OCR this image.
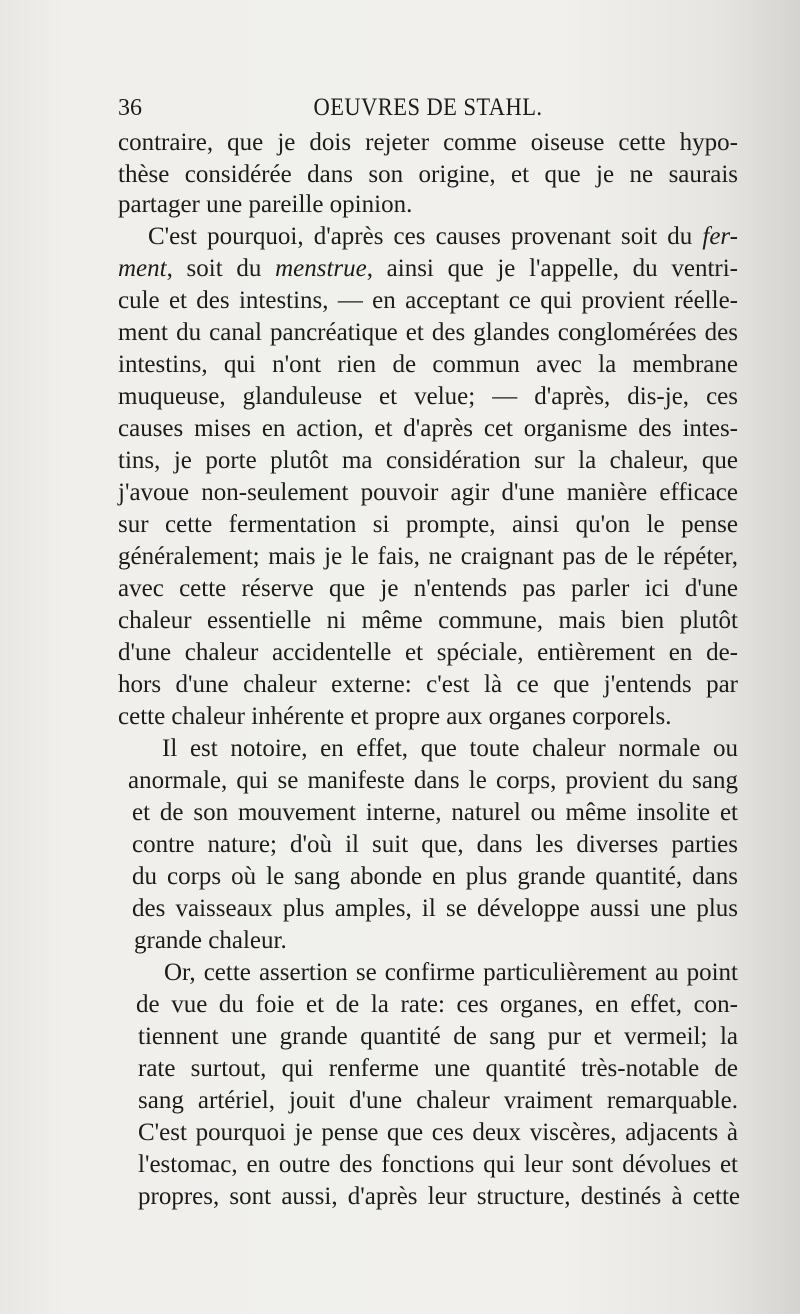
36	OEUVRES DE STAHL.
contraire, que je dois rejeter comme oiseuse cette hypo-
thèse considérée dans son origine, et que je ne saurais
partager une pareille opinion.
C'est pourquoi, d'après ces causes provenant soit du fer-
ment, soit du menstrue, ainsi que je l'appelle, du ventri-
cule et des intestins, — en acceptant ce qui provient réelle-
ment du canal pancréatique et des glandes conglomérées des
intestins, qui n'ont rien de commun avec la membrane
muqueuse, glanduleuse et velue; — d'après, dis-je, ces
causes mises en action, et d'après cet organisme des intes-
tins, je porte plutôt ma considération sur la chaleur, que
j'avoue non-seulement pouvoir agir d'une manière efficace
sur cette fermentation si prompte, ainsi qu'on le pense
généralement; mais je le fais, ne craignant pas de le répéter,
avec cette réserve que je n'entends pas parler ici d'une
chaleur essentielle ni même commune, mais bien plutôt
d'une chaleur accidentelle et spéciale, entièrement en de-
hors d'une chaleur externe: c'est là ce que j'entends par
cette chaleur inhérente et propre aux organes corporels.
Il est notoire, en effet, que toute chaleur normale ou
anormale, qui se manifeste dans le corps, provient du sang
et de son mouvement interne, naturel ou même insolite et
contre nature; d'où il suit que, dans les diverses parties
du corps où le sang abonde en plus grande quantité, dans
des vaisseaux plus amples, il se développe aussi une plus
grande chaleur.
Or, cette assertion se confirme particulièrement au point
de vue du foie et de la rate: ces organes, en effet, con-
tiennent une grande quantité de sang pur et vermeil; la
rate surtout, qui renferme une quantité très-notable de
sang artériel, jouit d'une chaleur vraiment remarquable.
C'est pourquoi je pense que ces deux viscères, adjacents à
l'estomac, en outre des fonctions qui leur sont dévolues et
propres, sont aussi, d'après leur structure, destinés à cette
